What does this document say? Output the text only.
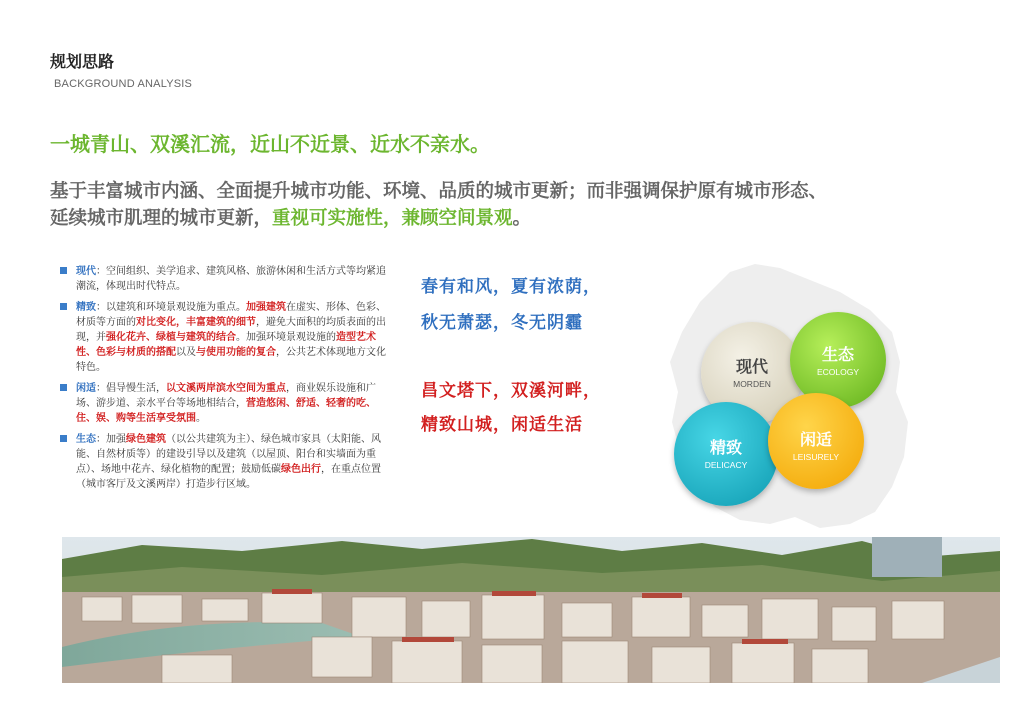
规划思路
BACKGROUND ANALYSIS
一城青山、双溪汇流，近山不近景、近水不亲水。
基于丰富城市内涵、全面提升城市功能、环境、品质的城市更新；而非强调保护原有城市形态、
延续城市肌理的城市更新，重视可实施性，兼顾空间景观。
现代：空间组织、美学追求、建筑风格、旅游休闲和生活方式等均紧追潮流，体现出时代特点。
精致：以建筑和环境景观设施为重点。加强建筑在虚实、形体、色彩、材质等方面的对比变化，丰富建筑的细节，避免大面积的均质表面的出现，并强化花卉、绿植与建筑的结合。加强环境景观设施的造型艺术性、色彩与材质的搭配以及与使用功能的复合，公共艺术体现地方文化特色。
闲适：倡导慢生活，以文溪两岸滨水空间为重点，商业娱乐设施和广场、游步道、亲水平台等场地相结合，营造悠闲、舒适、轻奢的吃、住、娱、购等生活享受氛围。
生态：加强绿色建筑（以公共建筑为主）、绿色城市家具（太阳能、风能、自然材质等）的建设引导以及建筑（以屋顶、阳台和实墙面为重点）、场地中花卉、绿化植物的配置；鼓励低碳绿色出行，在重点位置（城市客厅及文溪两岸）打造步行区域。
春有和风，夏有浓荫，
秋无萧瑟，冬无阴霾
昌文塔下，双溪河畔，
精致山城，闲适生活
现代
MORDEN
生态
ECOLOGY
精致
DELICACY
闲适
LEISURELY
